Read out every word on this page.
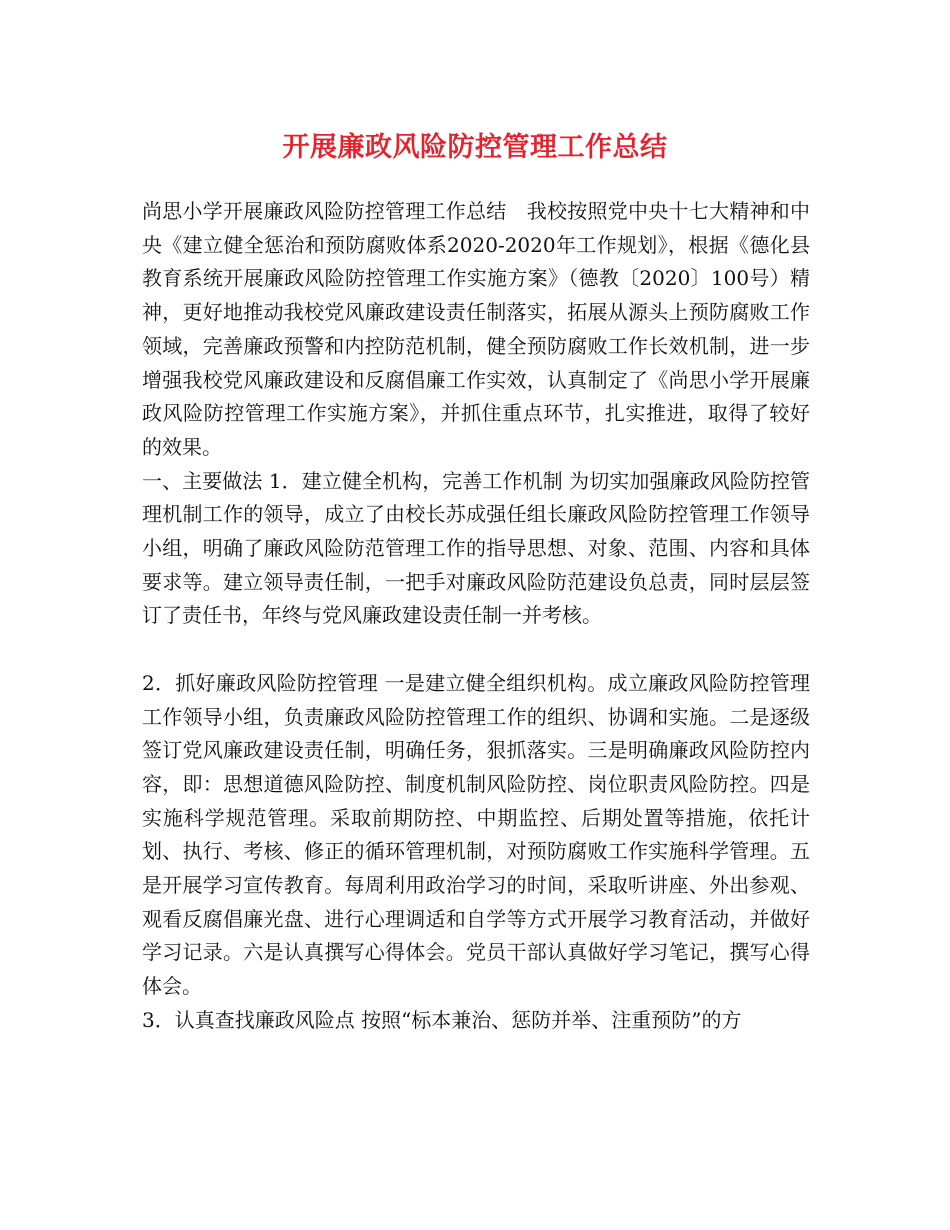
开展廉政风险防控管理工作总结

尚思小学开展廉政风险防控管理工作总结　我校按照党中央十七大精神和中央《建立健全惩治和预防腐败体系2020-2020年工作规划》，根据《德化县教育系统开展廉政风险防控管理工作实施方案》（德教〔2020〕100号）精神，更好地推动我校党风廉政建设责任制落实，拓展从源头上预防腐败工作领域，完善廉政预警和内控防范机制，健全预防腐败工作长效机制，进一步增强我校党风廉政建设和反腐倡廉工作实效，认真制定了《尚思小学开展廉政风险防控管理工作实施方案》，并抓住重点环节，扎实推进，取得了较好的效果。

一、主要做法 1．建立健全机构，完善工作机制 为切实加强廉政风险防控管理机制工作的领导，成立了由校长苏成强任组长廉政风险防控管理工作领导小组，明确了廉政风险防范管理工作的指导思想、对象、范围、内容和具体要求等。建立领导责任制，一把手对廉政风险防范建设负总责，同时层层签订了责任书，年终与党风廉政建设责任制一并考核。

2．抓好廉政风险防控管理 一是建立健全组织机构。成立廉政风险防控管理工作领导小组，负责廉政风险防控管理工作的组织、协调和实施。二是逐级签订党风廉政建设责任制，明确任务，狠抓落实。三是明确廉政风险防控内容，即：思想道德风险防控、制度机制风险防控、岗位职责风险防控。四是实施科学规范管理。采取前期防控、中期监控、后期处置等措施，依托计划、执行、考核、修正的循环管理机制，对预防腐败工作实施科学管理。五是开展学习宣传教育。每周利用政治学习的时间，采取听讲座、外出参观、观看反腐倡廉光盘、进行心理调适和自学等方式开展学习教育活动，并做好学习记录。六是认真撰写心得体会。党员干部认真做好学习笔记，撰写心得体会。

3．认真查找廉政风险点 按照“标本兼治、惩防并举、注重预防”的方
